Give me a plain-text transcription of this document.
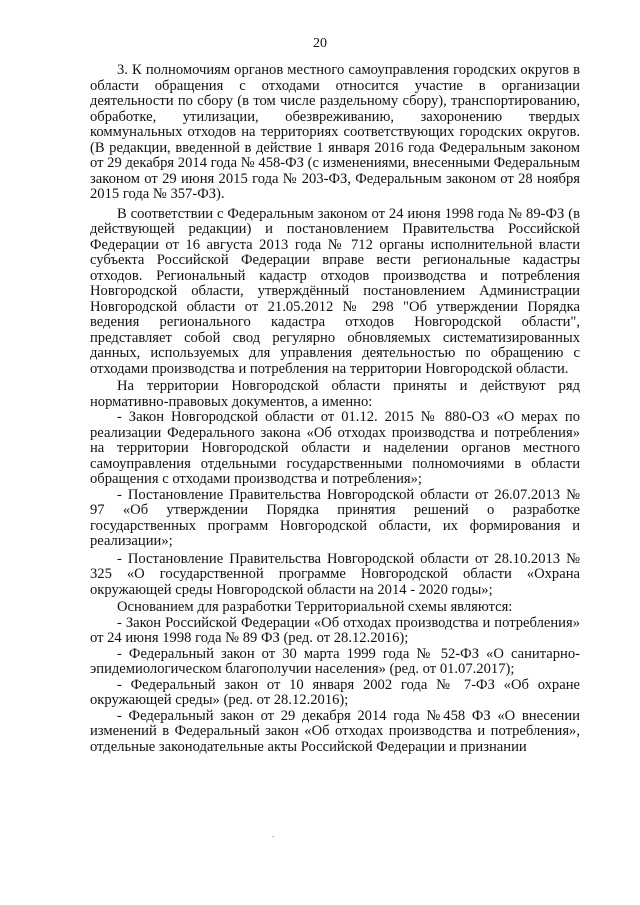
20

3. К полномочиям органов местного самоуправления городских округов в области обращения с отходами относится участие в организации деятельности по сбору (в том числе раздельному сбору), транспортированию, обработке, утилизации, обезвреживанию, захоронению твердых коммунальных отходов на территориях соответствующих городских округов. (В редакции, введенной в действие 1 января 2016 года Федеральным законом от 29 декабря 2014 года № 458-ФЗ (с изменениями, внесенными Федеральным законом от 29 июня 2015 года № 203-ФЗ, Федеральным законом от 28 ноября 2015 года № 357-ФЗ).

В соответствии с Федеральным законом от 24 июня 1998 года № 89-ФЗ (в действующей редакции) и постановлением Правительства Российской Федерации от 16 августа 2013 года № 712 органы исполнительной власти субъекта Российской Федерации вправе вести региональные кадастры отходов. Региональный кадастр отходов производства и потребления Новгородской области, утверждённый постановлением Администрации Новгородской области от 21.05.2012 № 298 "Об утверждении Порядка ведения регионального кадастра отходов Новгородской области", представляет собой свод регулярно обновляемых систематизированных данных, используемых для управления деятельностью по обращению с отходами производства и потребления на территории Новгородской области.

На территории Новгородской области приняты и действуют ряд нормативно-правовых документов, а именно:

- Закон Новгородской области от 01.12. 2015 № 880-ОЗ «О мерах по реализации Федерального закона «Об отходах производства и потребления» на территории Новгородской области и наделении органов местного самоуправления отдельными государственными полномочиями в области обращения с отходами производства и потребления»;

- Постановление Правительства Новгородской области от 26.07.2013 № 97 «Об утверждении Порядка принятия решений о разработке государственных программ Новгородской области, их формирования и реализации»;

- Постановление Правительства Новгородской области от 28.10.2013 № 325 «О государственной программе Новгородской области «Охрана окружающей среды Новгородской области на 2014 - 2020 годы»;

Основанием для разработки Территориальной схемы являются:

- Закон Российской Федерации «Об отходах производства и потребления» от 24 июня 1998 года № 89 ФЗ (ред. от 28.12.2016);

- Федеральный закон от 30 марта 1999 года № 52-ФЗ «О санитарно-эпидемиологическом благополучии населения» (ред. от 01.07.2017);

- Федеральный закон от 10 января 2002 года № 7-ФЗ «Об охране окружающей среды» (ред. от 28.12.2016);

- Федеральный закон от 29 декабря 2014 года №458 ФЗ «О внесении изменений в Федеральный закон «Об отходах производства и потребления», отдельные законодательные акты Российской Федерации и признании
